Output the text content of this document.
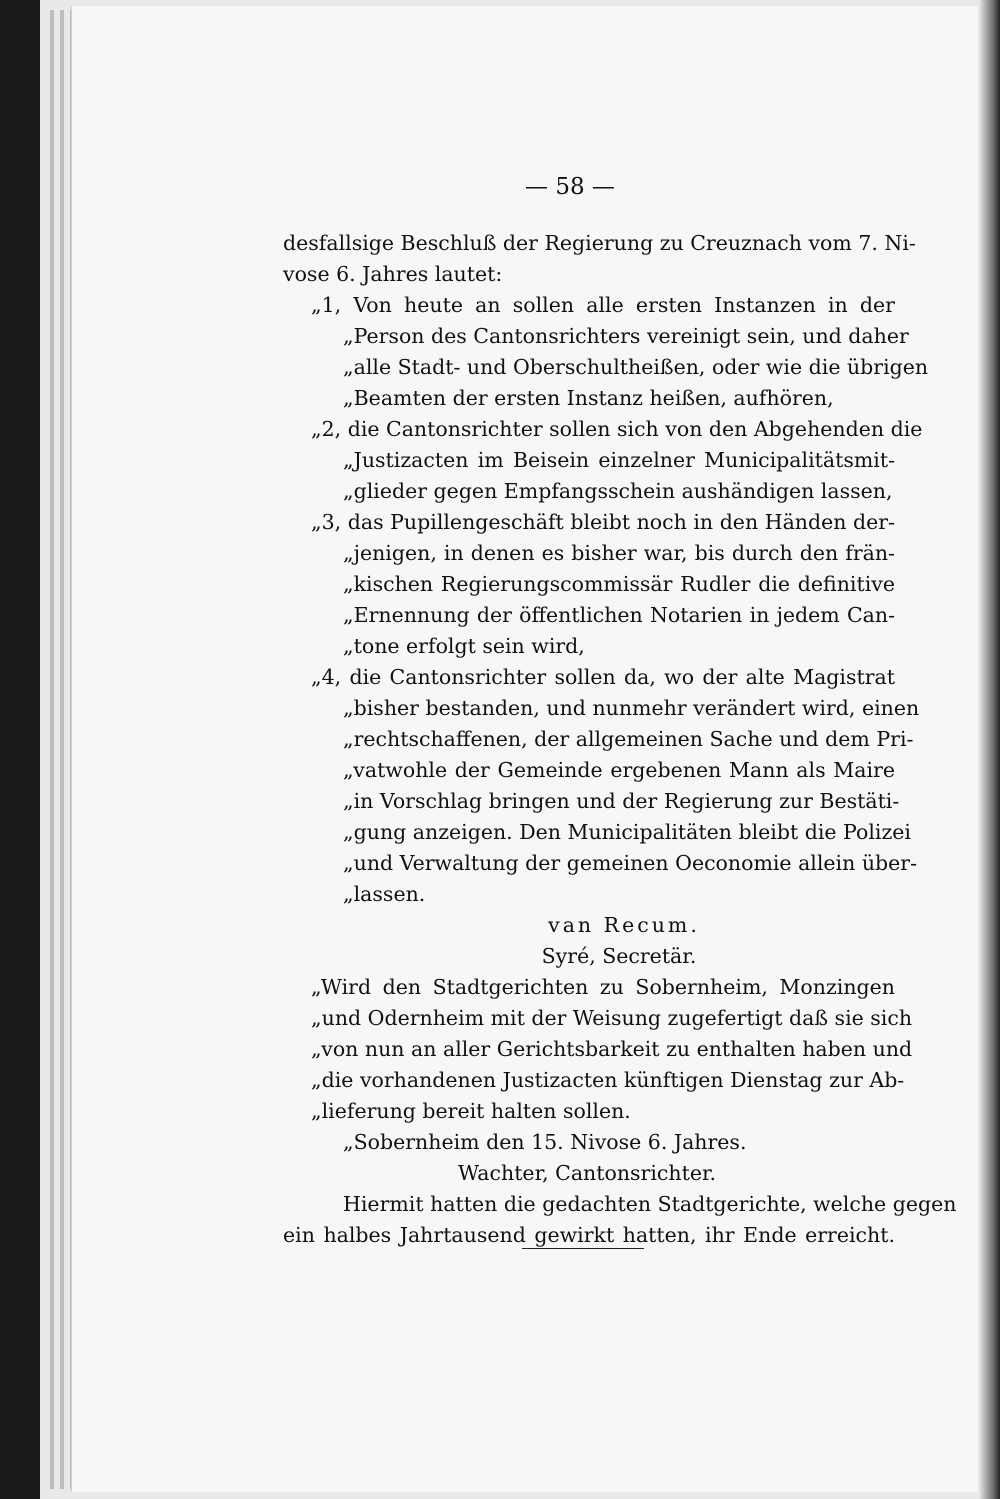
— 58 —
desfallsige Beschluß der Regierung zu Creuznach vom 7. Ni-
vose 6. Jahres lautet:
„1, Von heute an sollen alle ersten Instanzen in der
„Person des Cantonsrichters vereinigt sein, und daher
„alle Stadt- und Oberschultheißen, oder wie die übrigen
„Beamten der ersten Instanz heißen, aufhören,
„2, die Cantonsrichter sollen sich von den Abgehenden die
„Justizacten im Beisein einzelner Municipalitätsmit-
„glieder gegen Empfangsschein aushändigen lassen,
„3, das Pupillengeschäft bleibt noch in den Händen der-
„jenigen, in denen es bisher war, bis durch den frän-
„kischen Regierungscommissär Rudler die definitive
„Ernennung der öffentlichen Notarien in jedem Can-
„tone erfolgt sein wird,
„4, die Cantonsrichter sollen da, wo der alte Magistrat
„bisher bestanden, und nunmehr verändert wird, einen
„rechtschaffenen, der allgemeinen Sache und dem Pri-
„vatwohle der Gemeinde ergebenen Mann als Maire
„in Vorschlag bringen und der Regierung zur Bestäti-
„gung anzeigen. Den Municipalitäten bleibt die Polizei
„und Verwaltung der gemeinen Oeconomie allein über-
„lassen.
van Recum.
Syré, Secretär.
„Wird den Stadtgerichten zu Sobernheim, Monzingen
„und Odernheim mit der Weisung zugefertigt daß sie sich
„von nun an aller Gerichtsbarkeit zu enthalten haben und
„die vorhandenen Justizacten künftigen Dienstag zur Ab-
„lieferung bereit halten sollen.
„Sobernheim den 15. Nivose 6. Jahres.
Wachter, Cantonsrichter.
Hiermit hatten die gedachten Stadtgerichte, welche gegen
ein halbes Jahrtausend gewirkt hatten, ihr Ende erreicht.
